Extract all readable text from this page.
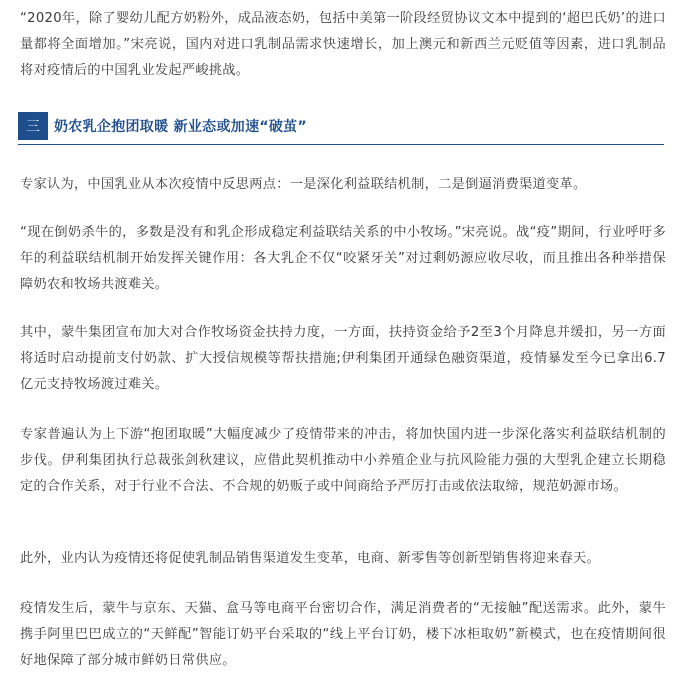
“2020年，除了婴幼儿配方奶粉外，成品液态奶，包括中美第一阶段经贸协议文本中提到的‘超巴氏奶’的进口量都将全面增加。”宋亮说，国内对进口乳制品需求快速增长，加上澳元和新西兰元贬值等因素，进口乳制品将对疫情后的中国乳业发起严峻挑战。

三	奶农乳企抱团取暖 新业态或加速“破茧”

专家认为，中国乳业从本次疫情中反思两点：一是深化利益联结机制，二是倒逼消费渠道变革。

“现在倒奶杀牛的，多数是没有和乳企形成稳定利益联结关系的中小牧场。”宋亮说。战“疫”期间，行业呼吁多年的利益联结机制开始发挥关键作用：各大乳企不仅“咬紧牙关”对过剩奶源应收尽收，而且推出各种举措保障奶农和牧场共渡难关。

其中，蒙牛集团宣布加大对合作牧场资金扶持力度，一方面，扶持资金给予2至3个月降息并缓扣，另一方面将适时启动提前支付奶款、扩大授信规模等帮扶措施;伊利集团开通绿色融资渠道，疫情暴发至今已拿出6.7亿元支持牧场渡过难关。

专家普遍认为上下游“抱团取暖”大幅度减少了疫情带来的冲击，将加快国内进一步深化落实利益联结机制的步伐。伊利集团执行总裁张剑秋建议，应借此契机推动中小养殖企业与抗风险能力强的大型乳企建立长期稳定的合作关系，对于行业不合法、不合规的奶贩子或中间商给予严厉打击或依法取缔，规范奶源市场。

此外，业内认为疫情还将促使乳制品销售渠道发生变革，电商、新零售等创新型销售将迎来春天。

疫情发生后，蒙牛与京东、天猫、盒马等电商平台密切合作，满足消费者的“无接触”配送需求。此外，蒙牛携手阿里巴巴成立的“天鲜配”智能订奶平台采取的“线上平台订奶，楼下冰柜取奶”新模式，也在疫情期间很好地保障了部分城市鲜奶日常供应。
